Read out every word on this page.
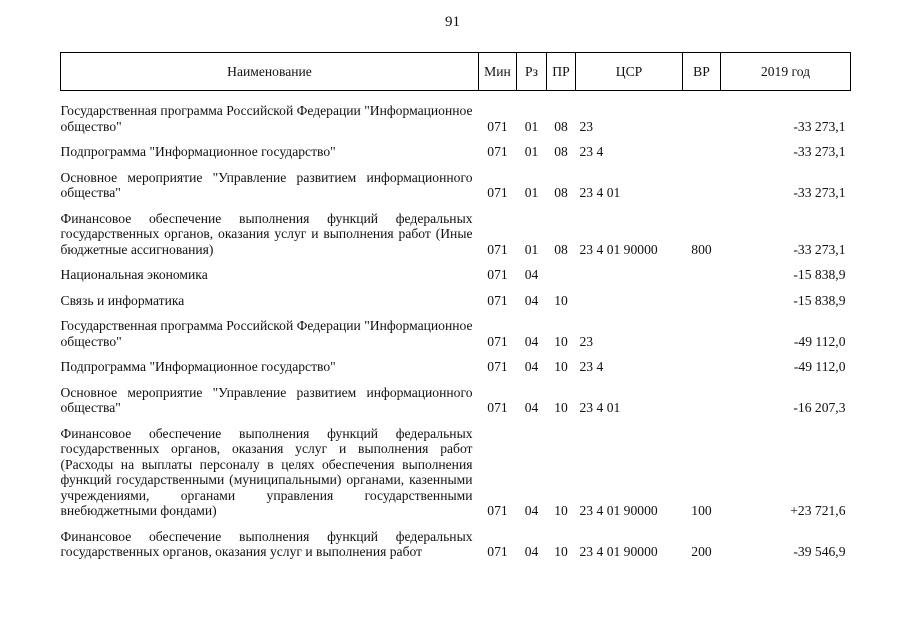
91
Наименование	Мин	Рз	ПР	ЦСР	ВР	2019 год
Государственная программа Российской Федерации "Информационное общество"	071	01	08	23		-33 273,1
Подпрограмма "Информационное государство"	071	01	08	23 4		-33 273,1
Основное мероприятие "Управление развитием информационного общества"	071	01	08	23 4 01		-33 273,1
Финансовое обеспечение выполнения функций федеральных государственных органов, оказания услуг и выполнения работ (Иные бюджетные ассигнования)	071	01	08	23 4 01 90000	800	-33 273,1
Национальная экономика	071	04				-15 838,9
Связь и информатика	071	04	10			-15 838,9
Государственная программа Российской Федерации "Информационное общество"	071	04	10	23		-49 112,0
Подпрограмма "Информационное государство"	071	04	10	23 4		-49 112,0
Основное мероприятие "Управление развитием информационного общества"	071	04	10	23 4 01		-16 207,3
Финансовое обеспечение выполнения функций федеральных государственных органов, оказания услуг и выполнения работ (Расходы на выплаты персоналу в целях обеспечения выполнения функций государственными (муниципальными) органами, казенными учреждениями, органами управления государственными внебюджетными фондами)	071	04	10	23 4 01 90000	100	+23 721,6
Финансовое обеспечение выполнения функций федеральных государственных органов, оказания услуг и выполнения работ	071	04	10	23 4 01 90000	200	-39 546,9
